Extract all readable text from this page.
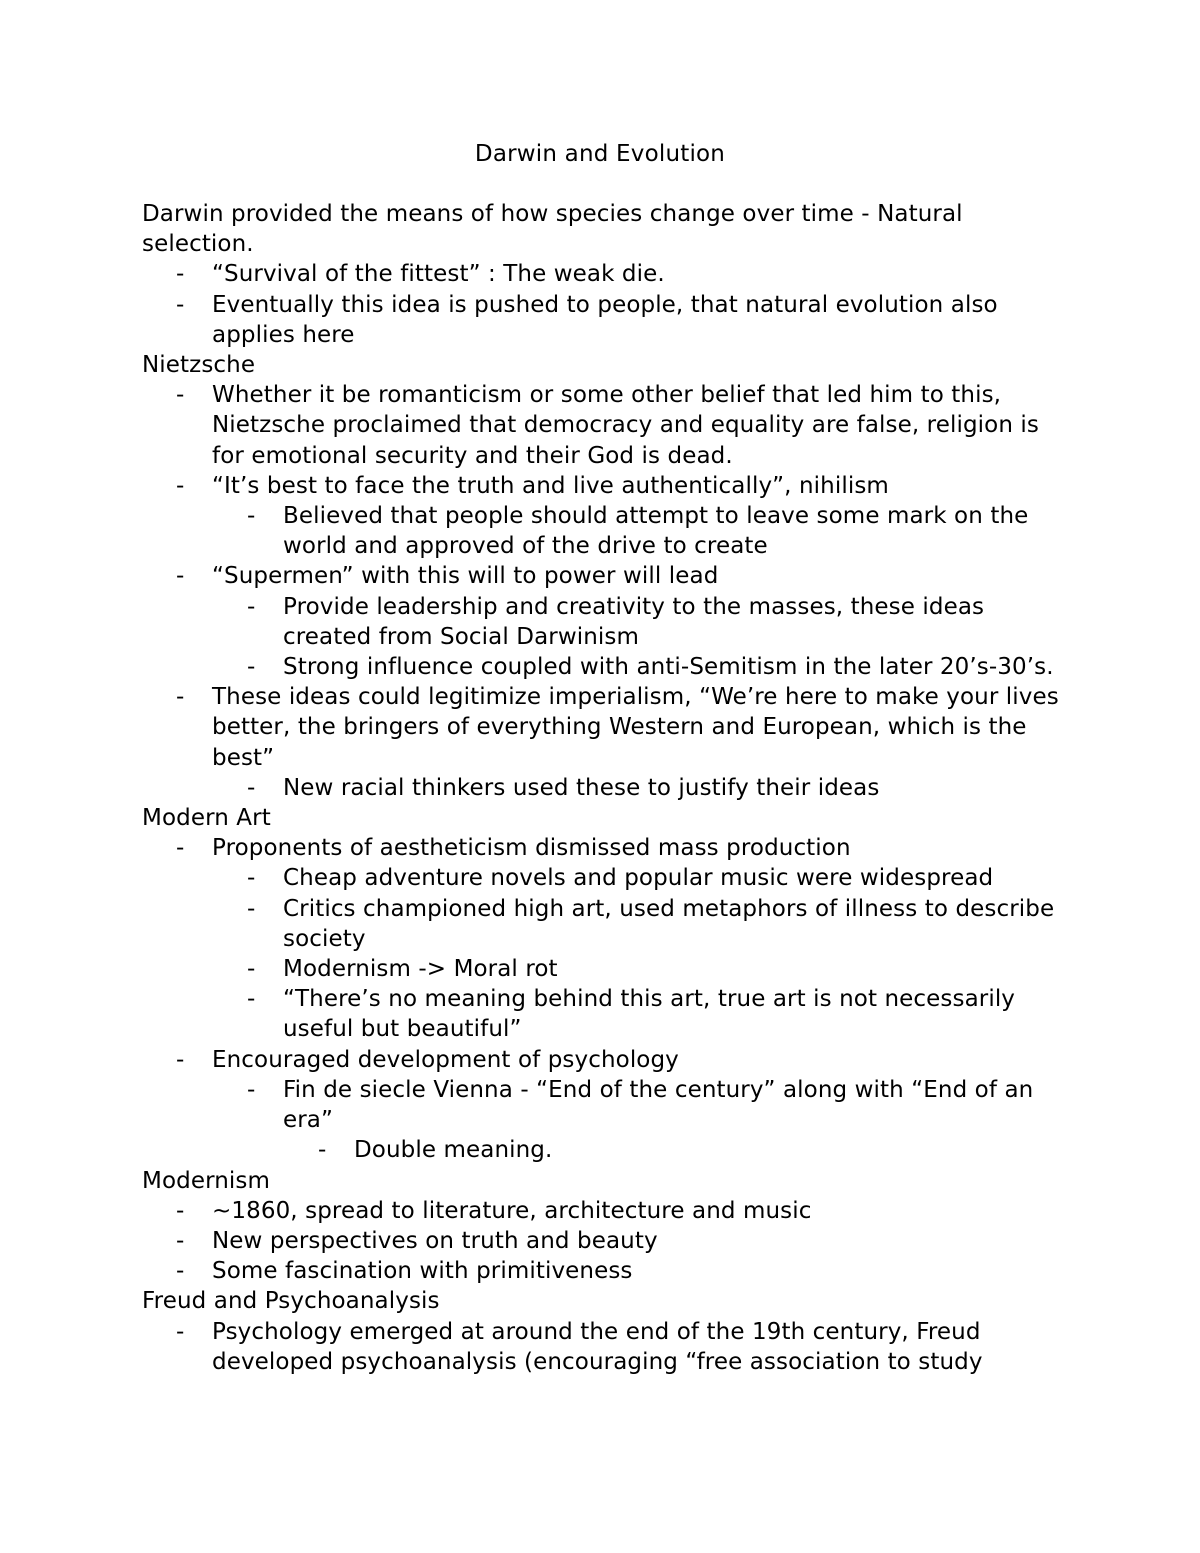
Darwin and Evolution

Darwin provided the means of how species change over time - Natural selection.

-	“Survival of the fittest” : The weak die.
-	Eventually this idea is pushed to people, that natural evolution also applies here

Nietzsche

-	Whether it be romanticism or some other belief that led him to this, Nietzsche proclaimed that democracy and equality are false, religion is for emotional security and their God is dead.
-	“It’s best to face the truth and live authentically”, nihilism
-	Believed that people should attempt to leave some mark on the world and approved of the drive to create
-	“Supermen” with this will to power will lead
-	Provide leadership and creativity to the masses, these ideas created from Social Darwinism
-	Strong influence coupled with anti-Semitism in the later 20’s-30’s.
-	These ideas could legitimize imperialism, “We’re here to make your lives better, the bringers of everything Western and European, which is the best”
-	New racial thinkers used these to justify their ideas

Modern Art

-	Proponents of aestheticism dismissed mass production
-	Cheap adventure novels and popular music were widespread
-	Critics championed high art, used metaphors of illness to describe society
-	Modernism -> Moral rot
-	“There’s no meaning behind this art, true art is not necessarily useful but beautiful”
-	Encouraged development of psychology
-	Fin de siecle Vienna - “End of the century” along with “End of an era”
-	Double meaning.

Modernism

-	~1860, spread to literature, architecture and music
-	New perspectives on truth and beauty
-	Some fascination with primitiveness

Freud and Psychoanalysis

-	Psychology emerged at around the end of the 19th century, Freud developed psychoanalysis (encouraging “free association to study
